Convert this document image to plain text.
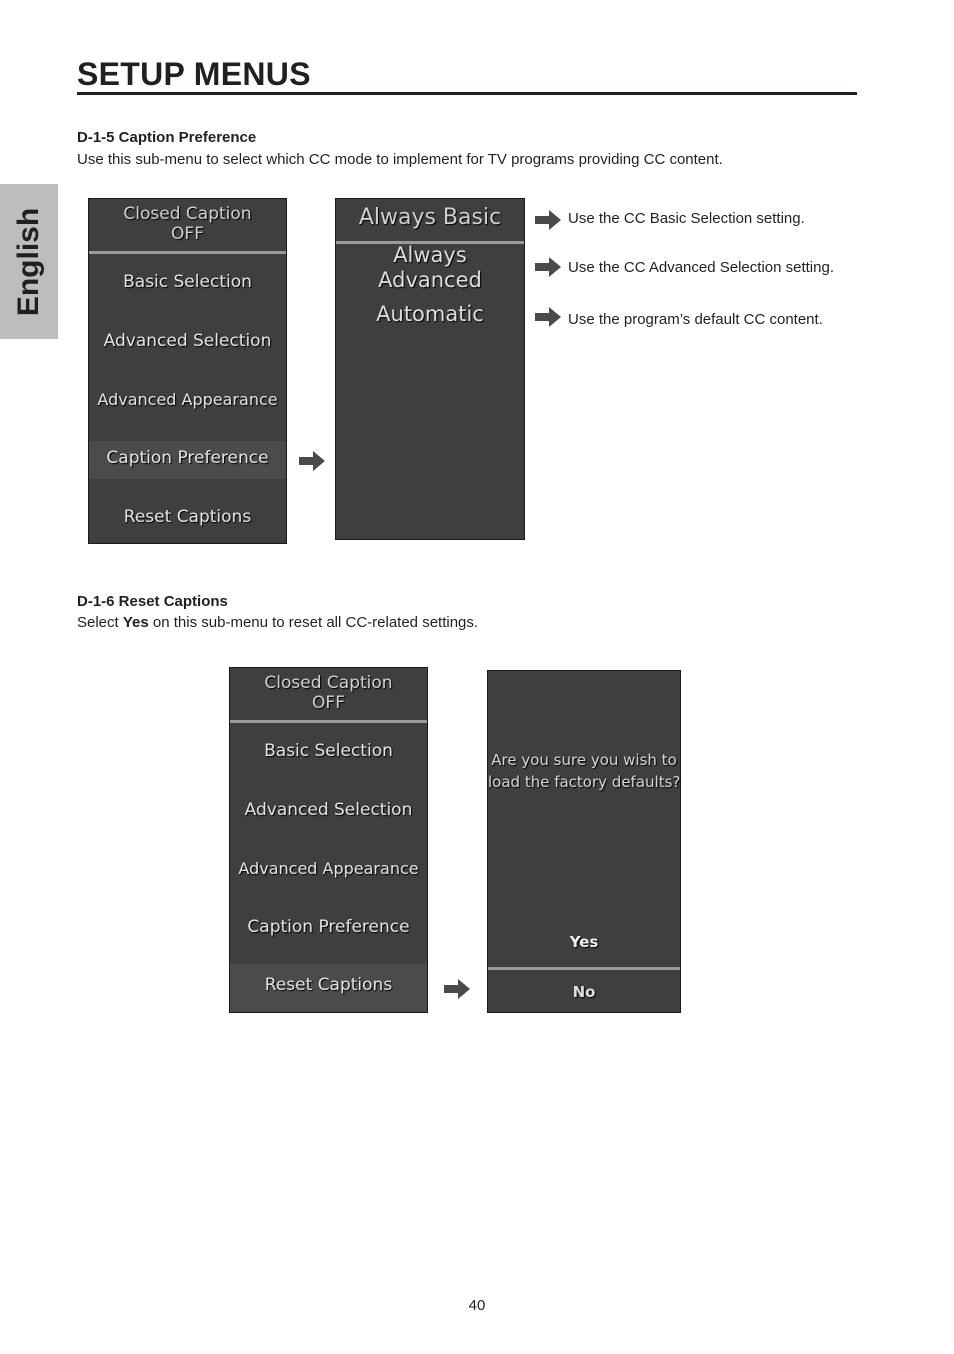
SETUP MENUS
English
D-1-5 Caption Preference
Use this sub-menu to select which CC mode to implement for TV programs providing CC content.
Closed Caption
OFF
Basic Selection
Advanced Selection
Advanced Appearance
Caption Preference
Reset Captions
Always Basic
Always
Advanced
Automatic
Use the CC Basic Selection setting.
Use the CC Advanced Selection setting.
Use the program’s default CC content.
D-1-6 Reset Captions
Select Yes on this sub-menu to reset all CC-related settings.
Closed Caption
OFF
Basic Selection
Advanced Selection
Advanced Appearance
Caption Preference
Reset Captions
Are you sure you wish to
load the factory defaults?
Yes
No
40
